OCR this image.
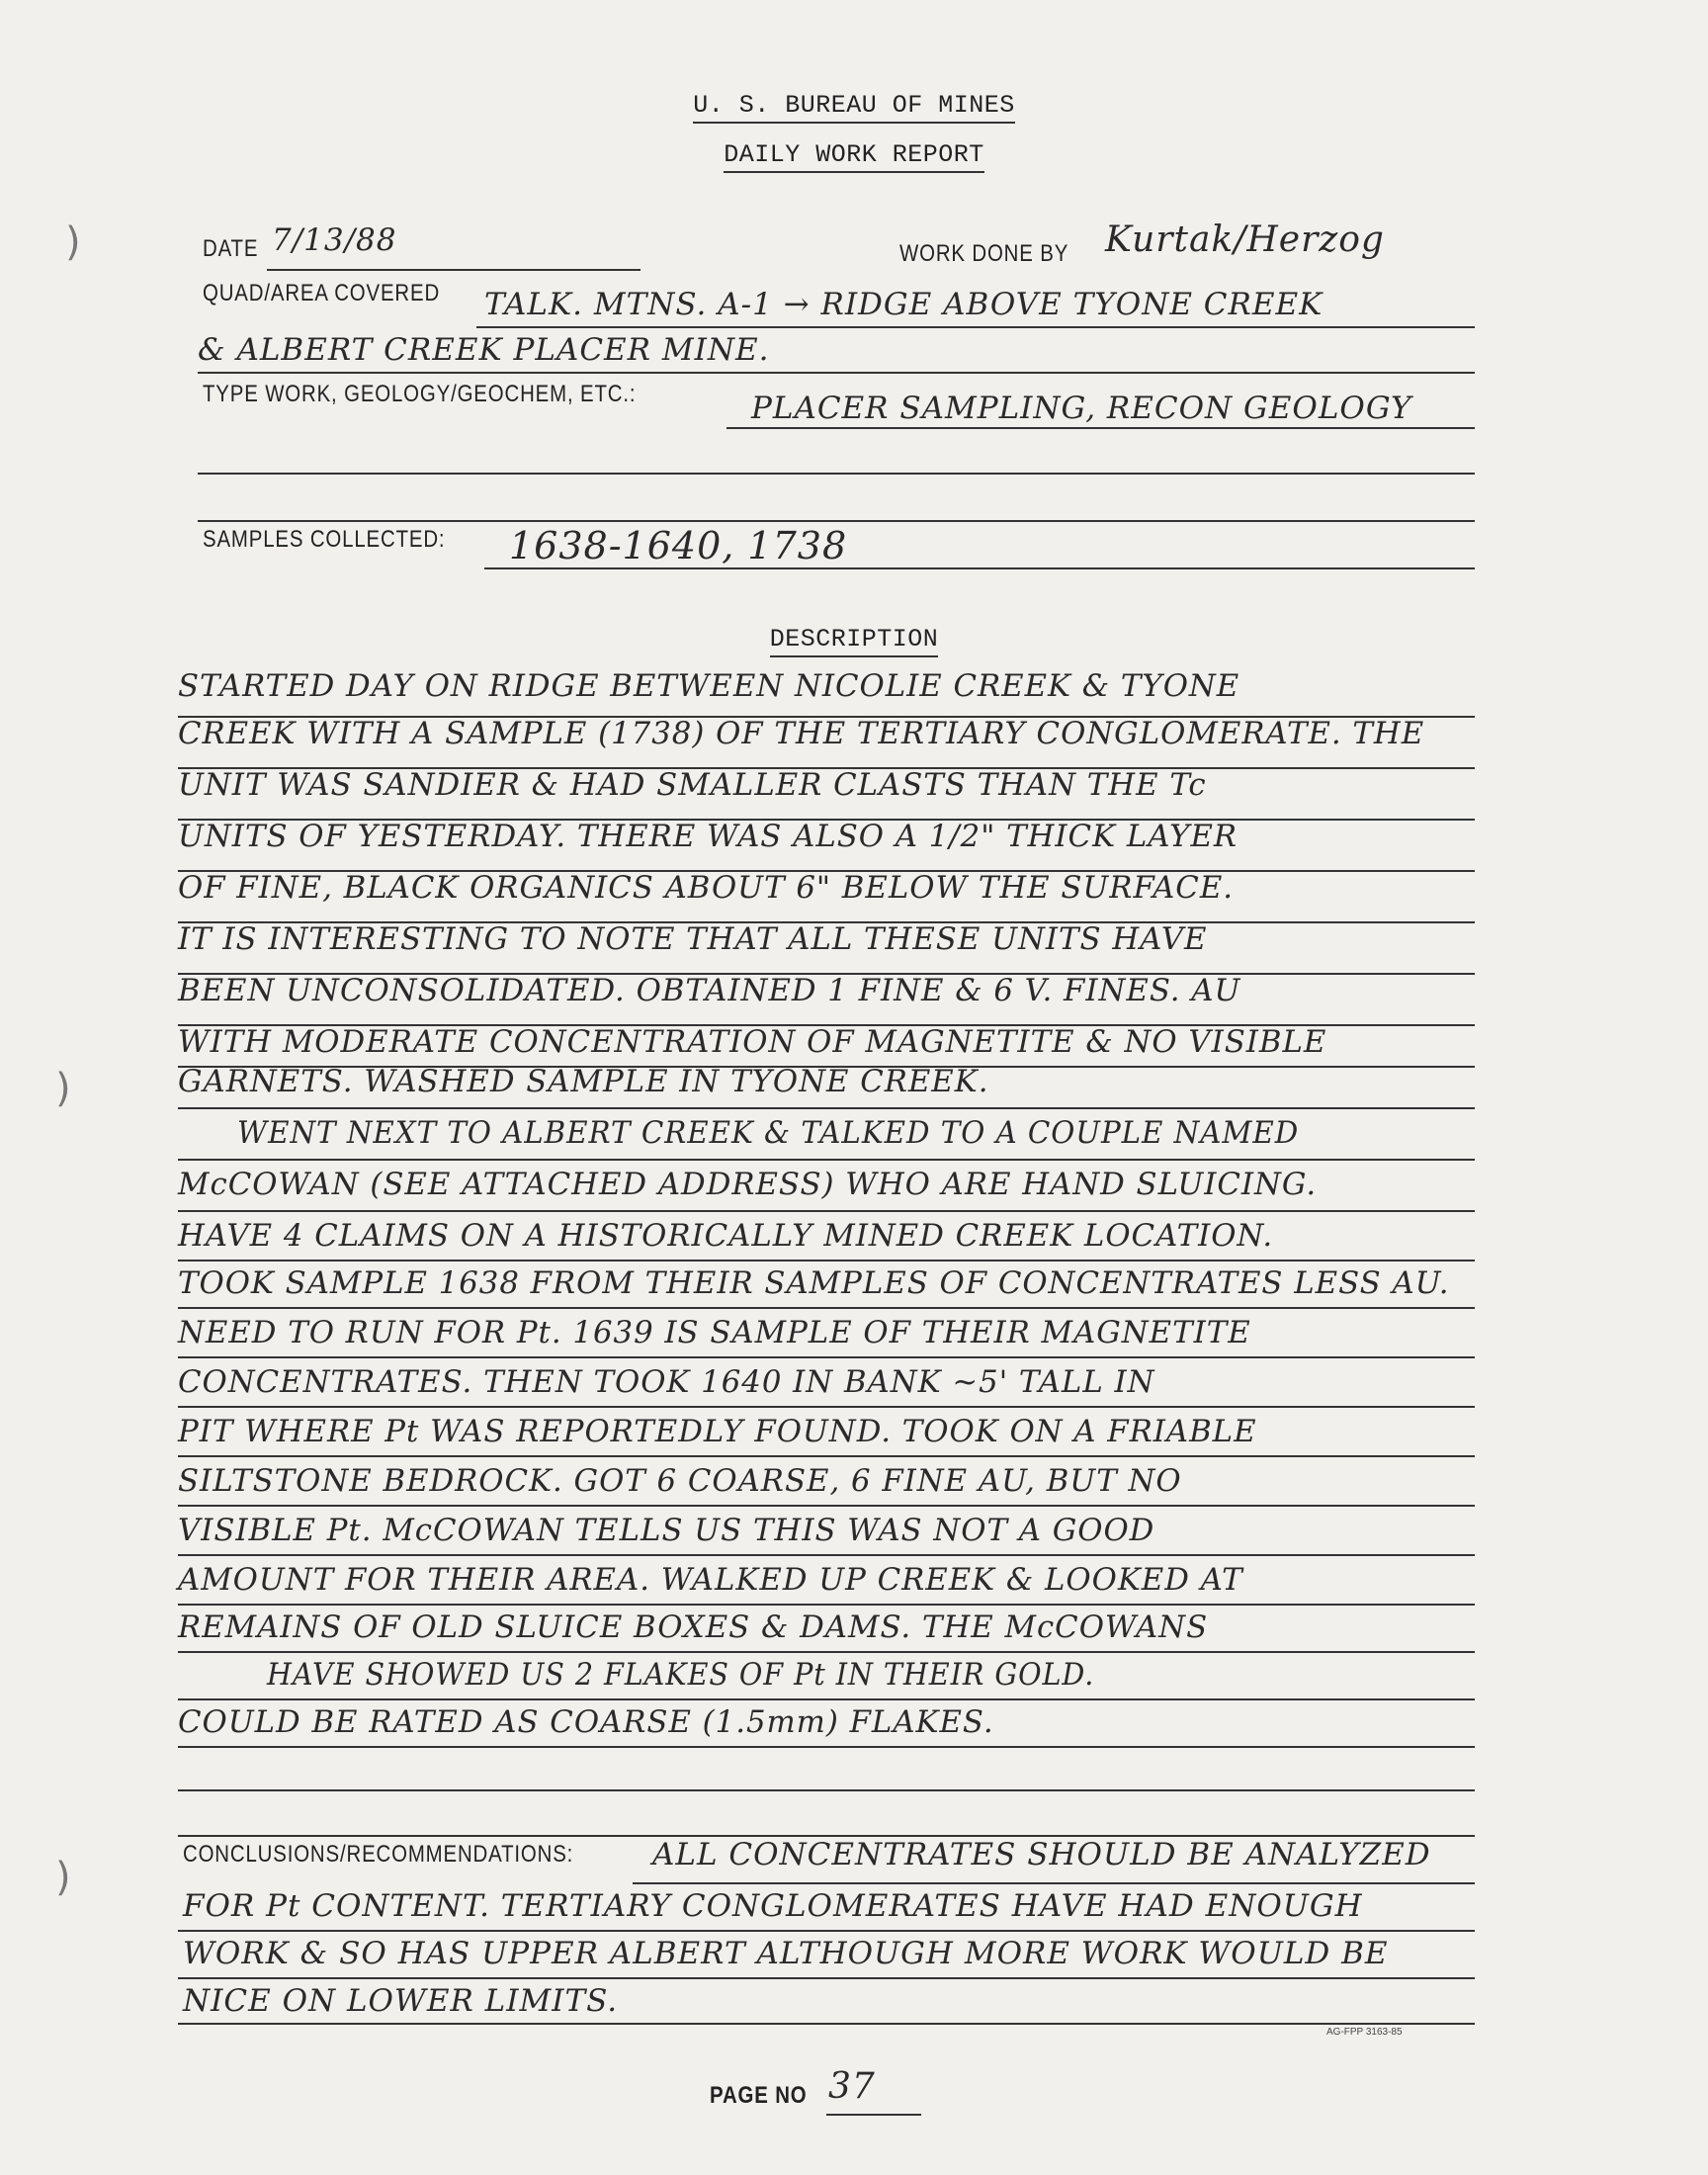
U. S. BUREAU OF MINES
DAILY WORK REPORT
DATE 7/13/88	WORK DONE BY Kurtak/Herzog
QUAD/AREA COVERED TALK. MTNS. A-1 → RIDGE ABOVE TYONE CREEK
& ALBERT CREEK PLACER MINE.
TYPE WORK, GEOLOGY/GEOCHEM, ETC.:	PLACER SAMPLING, RECON GEOLOGY
SAMPLES COLLECTED: 1638-1640, 1738
DESCRIPTION
STARTED DAY ON RIDGE BETWEEN NICOLIE CREEK & TYONE
CREEK WITH A SAMPLE (1738) OF THE TERTIARY CONGLOMERATE. THE
UNIT WAS SANDIER & HAD SMALLER CLASTS THAN THE Tc
UNITS OF YESTERDAY. THERE WAS ALSO A 1/2" THICK LAYER
OF FINE, BLACK ORGANICS ABOUT 6" BELOW THE SURFACE.
IT IS INTERESTING TO NOTE THAT ALL THESE UNITS HAVE
BEEN UNCONSOLIDATED. OBTAINED 1 FINE & 6 V. FINES. AU
WITH MODERATE CONCENTRATION OF MAGNETITE & NO VISIBLE
GARNETS. WASHED SAMPLE IN TYONE CREEK.
WENT NEXT TO ALBERT CREEK & TALKED TO A COUPLE NAMED
McCOWAN (SEE ATTACHED ADDRESS) WHO ARE HAND SLUICING.
HAVE 4 CLAIMS ON A HISTORICALLY MINED CREEK LOCATION.
TOOK SAMPLE 1638 FROM THEIR SAMPLES OF CONCENTRATES LESS AU.
NEED TO RUN FOR Pt. 1639 IS SAMPLE OF THEIR MAGNETITE
CONCENTRATES. THEN TOOK 1640 IN BANK ~5' TALL IN
PIT WHERE Pt WAS REPORTEDLY FOUND. TOOK ON A FRIABLE
SILTSTONE BEDROCK. GOT 6 COARSE, 6 FINE AU, BUT NO
VISIBLE Pt. McCOWAN TELLS US THIS WAS NOT A GOOD
AMOUNT FOR THEIR AREA. WALKED UP CREEK & LOOKED AT
REMAINS OF OLD SLUICE BOXES & DAMS. THE McCOWANS
HAVE SHOWED US 2 FLAKES OF Pt IN THEIR GOLD.
COULD BE RATED AS COARSE (1.5mm) FLAKES.
CONCLUSIONS/RECOMMENDATIONS:	ALL CONCENTRATES SHOULD BE ANALYZED
FOR Pt CONTENT. TERTIARY CONGLOMERATES HAVE HAD ENOUGH
WORK & SO HAS UPPER ALBERT ALTHOUGH MORE WORK WOULD BE
NICE ON LOWER LIMITS.
AG-FPP 3163-85
PAGE NO 37
)
)
)
